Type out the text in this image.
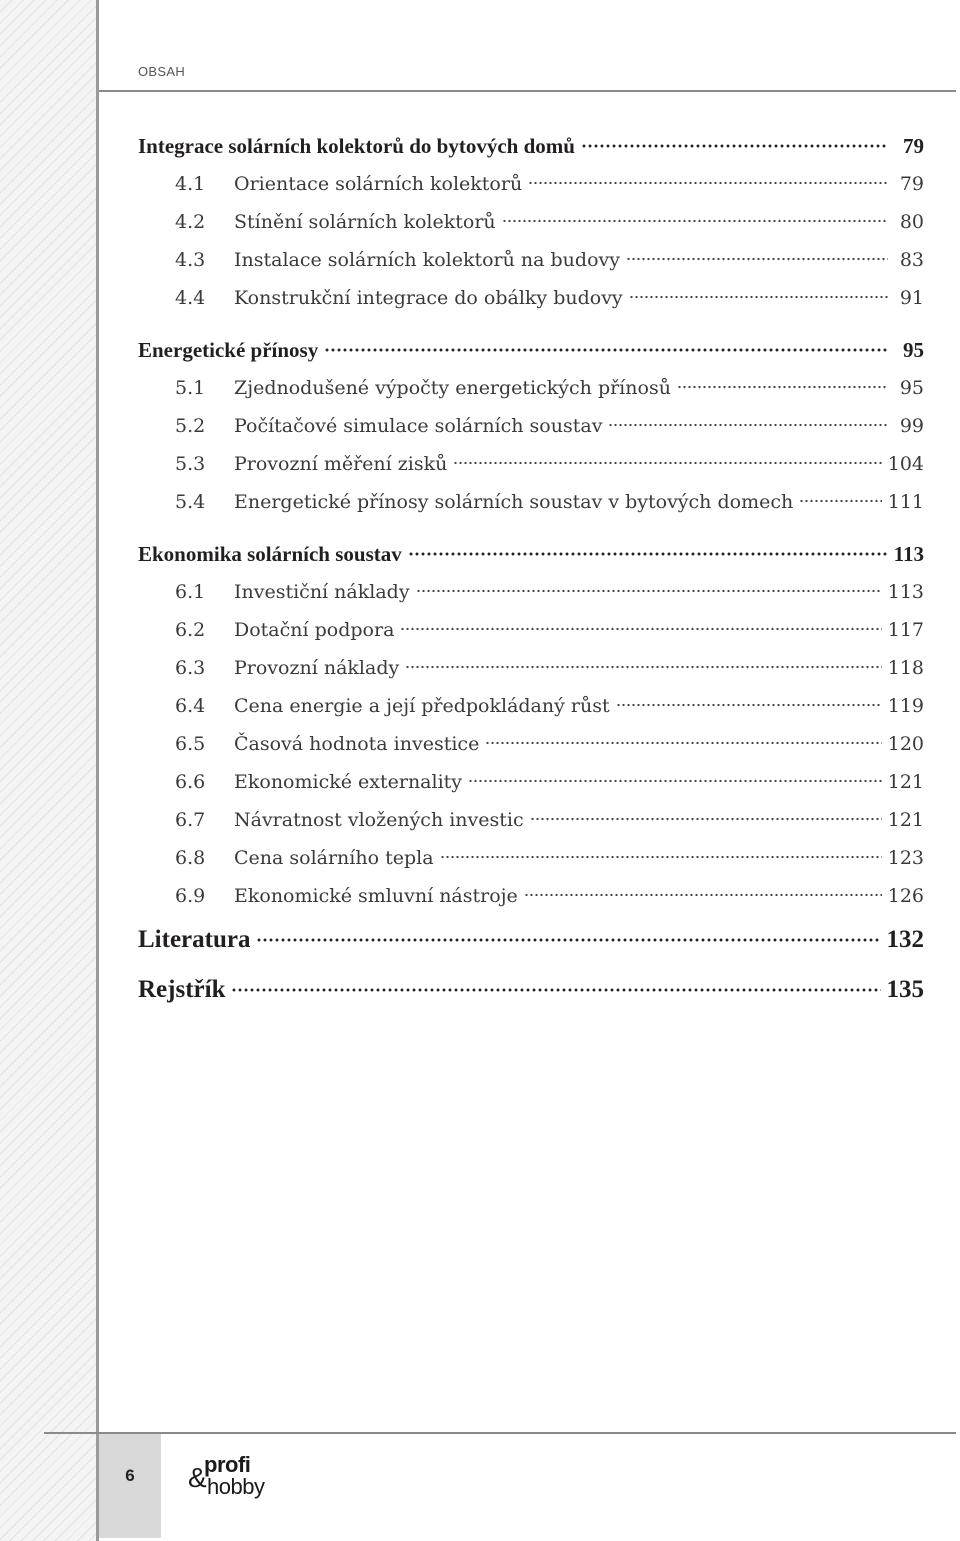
OBSAH
Integrace solárních kolektorů do bytových domů	79
4.1	Orientace solárních kolektorů	79
4.2	Stínění solárních kolektorů	80
4.3	Instalace solárních kolektorů na budovy	83
4.4	Konstrukční integrace do obálky budovy	91
Energetické přínosy	95
5.1	Zjednodušené výpočty energetických přínosů	95
5.2	Počítačové simulace solárních soustav	99
5.3	Provozní měření zisků	104
5.4	Energetické přínosy solárních soustav v bytových domech	111
Ekonomika solárních soustav	113
6.1	Investiční náklady	113
6.2	Dotační podpora	117
6.3	Provozní náklady	118
6.4	Cena energie a její předpokládaný růst	119
6.5	Časová hodnota investice	120
6.6	Ekonomické externality	121
6.7	Návratnost vložených investic	121
6.8	Cena solárního tepla	123
6.9	Ekonomické smluvní nástroje	126
Literatura	132
Rejstřík	135
6	&
profi
hobby
